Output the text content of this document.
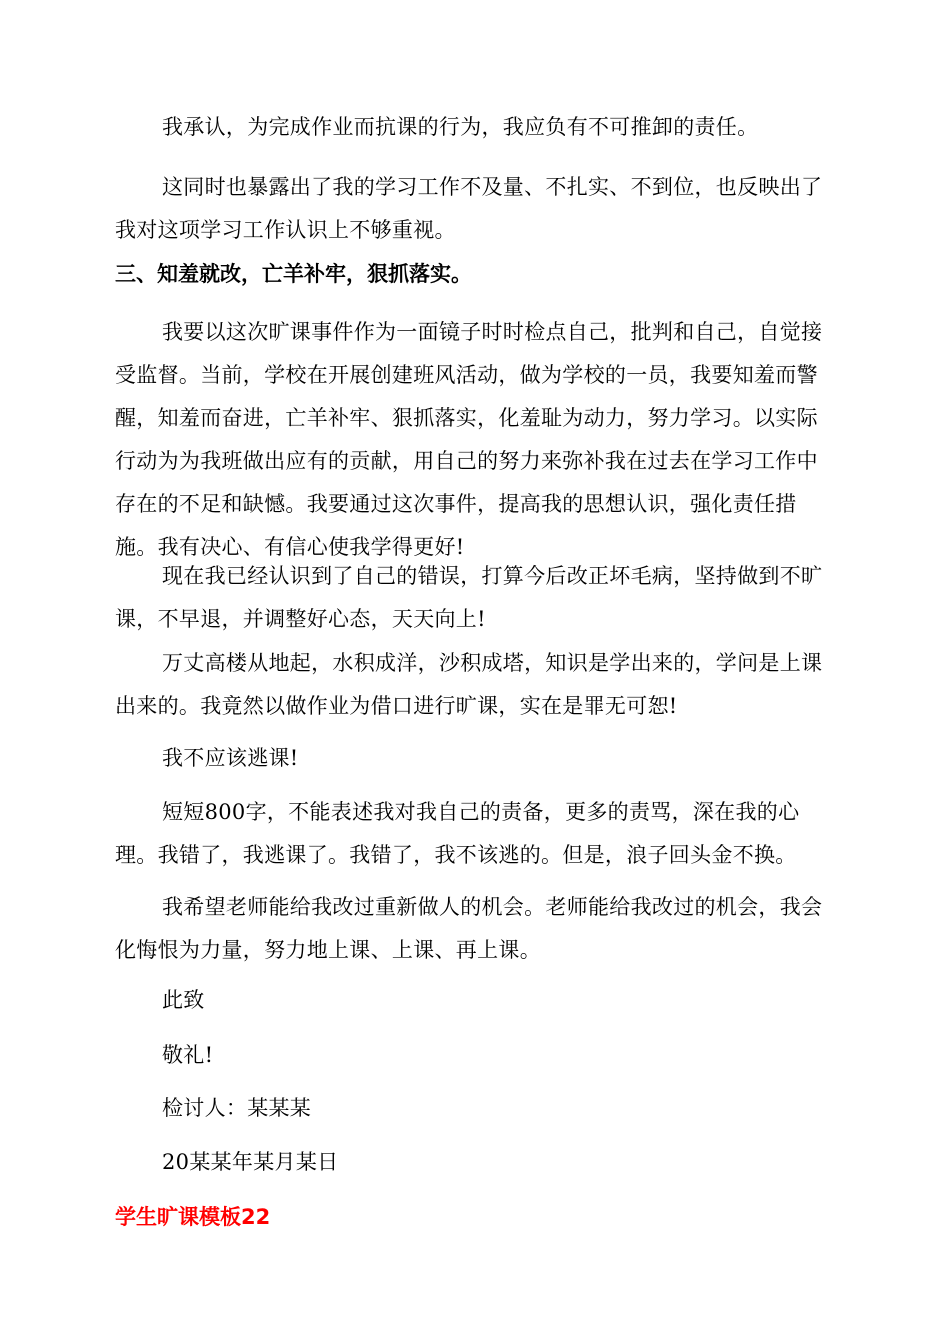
我承认，为完成作业而抗课的行为，我应负有不可推卸的责任。

这同时也暴露出了我的学习工作不及量、不扎实、不到位，也反映出了我对这项学习工作认识上不够重视。

三、知羞就改，亡羊补牢，狠抓落实。

我要以这次旷课事件作为一面镜子时时检点自己，批判和自己，自觉接受监督。当前，学校在开展创建班风活动，做为学校的一员，我要知羞而警醒，知羞而奋进，亡羊补牢、狠抓落实，化羞耻为动力，努力学习。以实际行动为为我班做出应有的贡献，用自己的努力来弥补我在过去在学习工作中存在的不足和缺憾。我要通过这次事件，提高我的思想认识，强化责任措施。我有决心、有信心使我学得更好!

现在我已经认识到了自己的错误，打算今后改正坏毛病，坚持做到不旷课，不早退，并调整好心态，天天向上!

万丈高楼从地起，水积成洋，沙积成塔，知识是学出来的，学问是上课出来的。我竟然以做作业为借口进行旷课，实在是罪无可恕!

我不应该逃课!

短短800字，不能表述我对我自己的责备，更多的责骂，深在我的心理。我错了，我逃课了。我错了，我不该逃的。但是，浪子回头金不换。

我希望老师能给我改过重新做人的机会。老师能给我改过的机会，我会化悔恨为力量，努力地上课、上课、再上课。

此致

敬礼!

检讨人：某某某

20某某年某月某日

学生旷课模板22
